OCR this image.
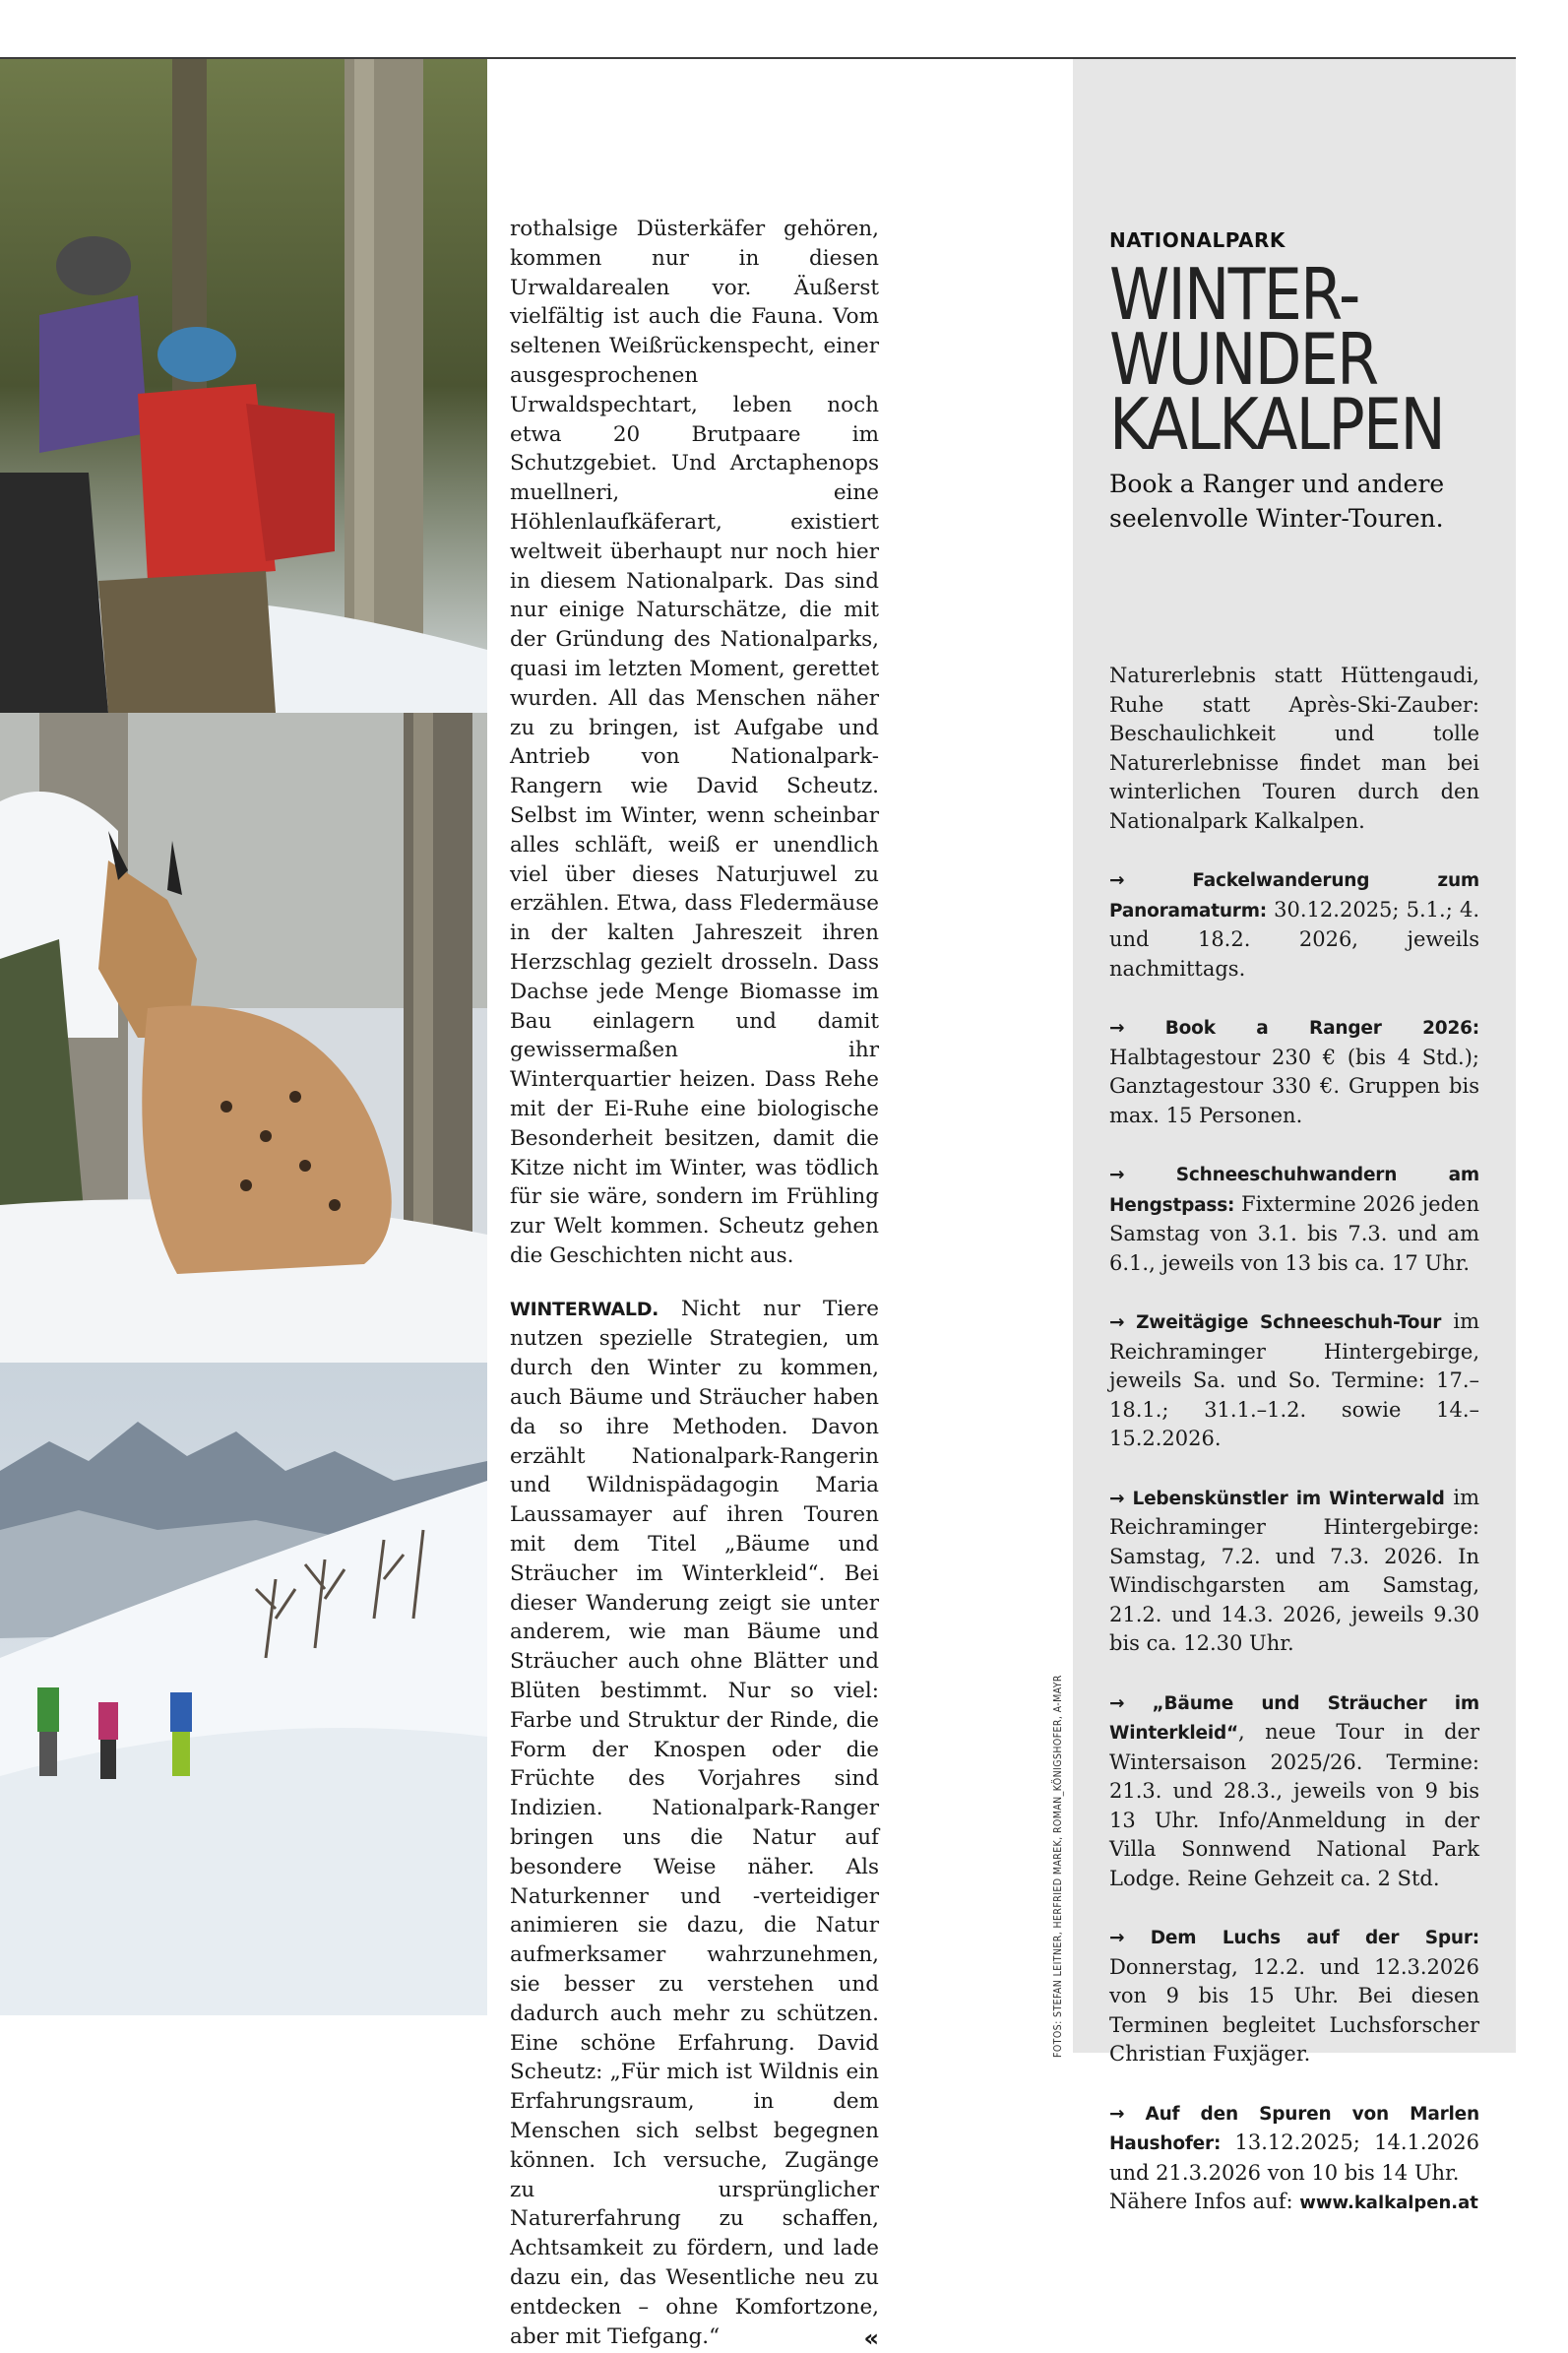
rothalsige Düsterkäfer gehören, kommen nur in diesen Urwaldarealen vor. Äußerst vielfältig ist auch die Fauna. Vom seltenen Weißrückenspecht, einer ausgesprochenen Urwaldspechtart, leben noch etwa 20 Brutpaare im Schutzgebiet. Und Arctaphenops muellneri, eine Höhlenlaufkäferart, existiert weltweit überhaupt nur noch hier in diesem Nationalpark. Das sind nur einige Naturschätze, die mit der Gründung des Nationalparks, quasi im letzten Moment, gerettet wurden. All das Menschen näher zu zu bringen, ist Aufgabe und Antrieb von Nationalpark-Rangern wie David Scheutz. Selbst im Winter, wenn scheinbar alles schläft, weiß er unendlich viel über dieses Naturjuwel zu erzählen. Etwa, dass Fledermäuse in der kalten Jahreszeit ihren Herzschlag gezielt drosseln. Dass Dachse jede Menge Biomasse im Bau einlagern und damit gewissermaßen ihr Winterquartier heizen. Dass Rehe mit der Ei-Ruhe eine biologische Besonderheit besitzen, damit die Kitze nicht im Winter, was tödlich für sie wäre, sondern im Frühling zur Welt kommen. Scheutz gehen die Geschichten nicht aus.

WINTERWALD. Nicht nur Tiere nutzen spezielle Strategien, um durch den Winter zu kommen, auch Bäume und Sträucher haben da so ihre Methoden. Davon erzählt Nationalpark-Rangerin und Wildnispädagogin Maria Laussamayer auf ihren Touren mit dem Titel „Bäume und Sträucher im Winterkleid“. Bei dieser Wanderung zeigt sie unter anderem, wie man Bäume und Sträucher auch ohne Blätter und Blüten bestimmt. Nur so viel: Farbe und Struktur der Rinde, die Form der Knospen oder die Früchte des Vorjahres sind Indizien. Nationalpark-Ranger bringen uns die Natur auf besondere Weise näher. Als Naturkenner und -verteidiger animieren sie dazu, die Natur aufmerksamer wahrzunehmen, sie besser zu verstehen und dadurch auch mehr zu schützen. Eine schöne Erfahrung. David Scheutz: „Für mich ist Wildnis ein Erfahrungsraum, in dem Menschen sich selbst begegnen können. Ich versuche, Zugänge zu ursprünglicher Naturerfahrung zu schaffen, Achtsamkeit zu fördern, und lade dazu ein, das Wesentliche neu zu entdecken – ohne Komfortzone, aber mit Tiefgang.“	«

FOTOS: STEFAN LEITNER, HERFRIED MAREK, ROMAN_KÖNIGSHOFER, A-MAYR
NATIONALPARK
WINTER-
WUNDER
KALKALPEN
Book a Ranger und andere seelenvolle Winter-Touren.

Naturerlebnis statt Hüttengaudi, Ruhe statt Après-Ski-Zauber: Beschaulichkeit und tolle Naturerlebnisse findet man bei winterlichen Touren durch den Nationalpark Kalkalpen.

→ Fackelwanderung zum Panoramaturm: 30.12.2025; 5.1.; 4. und 18.2. 2026, jeweils nachmittags.

→ Book a Ranger 2026: Halbtagestour 230 € (bis 4 Std.); Ganztagestour 330 €. Gruppen bis max. 15 Personen.

→ Schneeschuhwandern am Hengstpass: Fixtermine 2026 jeden Samstag von 3.1. bis 7.3. und am 6.1., jeweils von 13 bis ca. 17 Uhr.

→ Zweitägige Schneeschuh-Tour im Reichraminger Hintergebirge, jeweils Sa. und So. Termine: 17.–18.1.; 31.1.–1.2. sowie 14.–15.2.2026.

→ Lebenskünstler im Winterwald im Reichraminger Hintergebirge: Samstag, 7.2. und 7.3. 2026. In Windischgarsten am Samstag, 21.2. und 14.3. 2026, jeweils 9.30 bis ca. 12.30 Uhr.

→ „Bäume und Sträucher im Winterkleid“, neue Tour in der Wintersaison 2025/26. Termine: 21.3. und 28.3., jeweils von 9 bis 13 Uhr. Info/Anmeldung in der Villa Sonnwend National Park Lodge. Reine Gehzeit ca. 2 Std.

→ Dem Luchs auf der Spur: Donnerstag, 12.2. und 12.3.2026 von 9 bis 15 Uhr. Bei diesen Terminen begleitet Luchsforscher Christian Fuxjäger.

→ Auf den Spuren von Marlen Haushofer: 13.12.2025; 14.1.2026 und 21.3.2026 von 10 bis 14 Uhr.
Nähere Infos auf: www.kalkalpen.at
